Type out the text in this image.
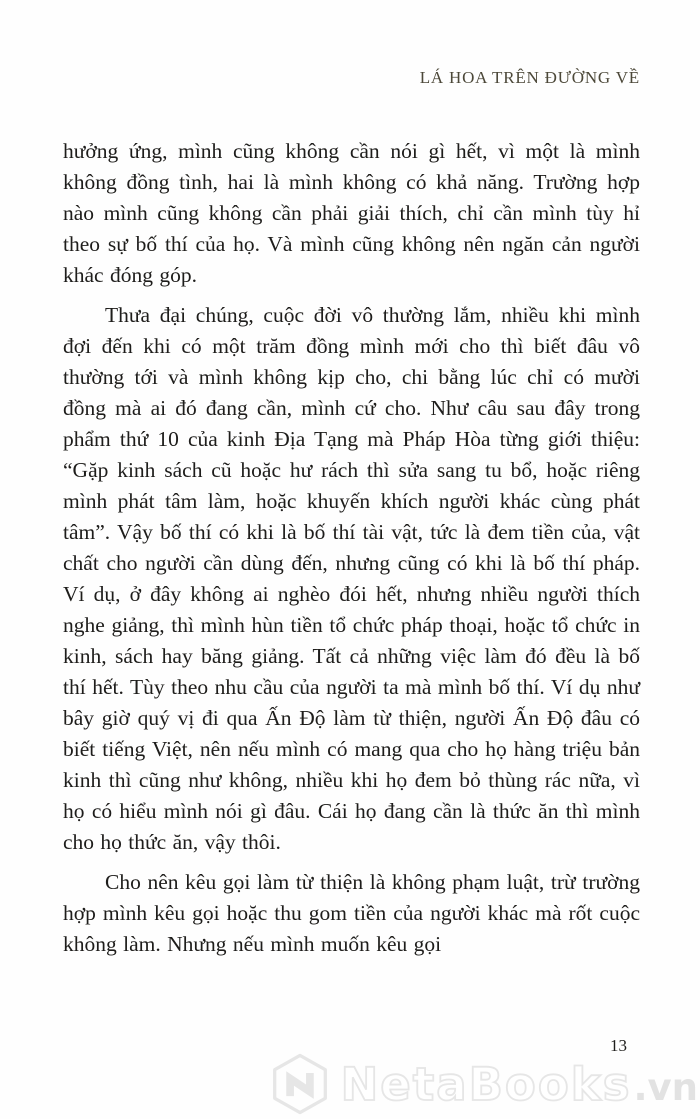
LÁ HOA TRÊN ĐƯỜNG VỀ

hưởng ứng, mình cũng không cần nói gì hết, vì một là mình không đồng tình, hai là mình không có khả năng. Trường hợp nào mình cũng không cần phải giải thích, chỉ cần mình tùy hỉ theo sự bố thí của họ. Và mình cũng không nên ngăn cản người khác đóng góp.

Thưa đại chúng, cuộc đời vô thường lắm, nhiều khi mình đợi đến khi có một trăm đồng mình mới cho thì biết đâu vô thường tới và mình không kịp cho, chi bằng lúc chỉ có mười đồng mà ai đó đang cần, mình cứ cho. Như câu sau đây trong phẩm thứ 10 của kinh Địa Tạng mà Pháp Hòa từng giới thiệu: “Gặp kinh sách cũ hoặc hư rách thì sửa sang tu bổ, hoặc riêng mình phát tâm làm, hoặc khuyến khích người khác cùng phát tâm”. Vậy bố thí có khi là bố thí tài vật, tức là đem tiền của, vật chất cho người cần dùng đến, nhưng cũng có khi là bố thí pháp. Ví dụ, ở đây không ai nghèo đói hết, nhưng nhiều người thích nghe giảng, thì mình hùn tiền tổ chức pháp thoại, hoặc tổ chức in kinh, sách hay băng giảng. Tất cả những việc làm đó đều là bố thí hết. Tùy theo nhu cầu của người ta mà mình bố thí. Ví dụ như bây giờ quý vị đi qua Ấn Độ làm từ thiện, người Ấn Độ đâu có biết tiếng Việt, nên nếu mình có mang qua cho họ hàng triệu bản kinh thì cũng như không, nhiều khi họ đem bỏ thùng rác nữa, vì họ có hiểu mình nói gì đâu. Cái họ đang cần là thức ăn thì mình cho họ thức ăn, vậy thôi.

Cho nên kêu gọi làm từ thiện là không phạm luật, trừ trường hợp mình kêu gọi hoặc thu gom tiền của người khác mà rốt cuộc không làm. Nhưng nếu mình muốn kêu gọi

13
NetaBooks.vn
